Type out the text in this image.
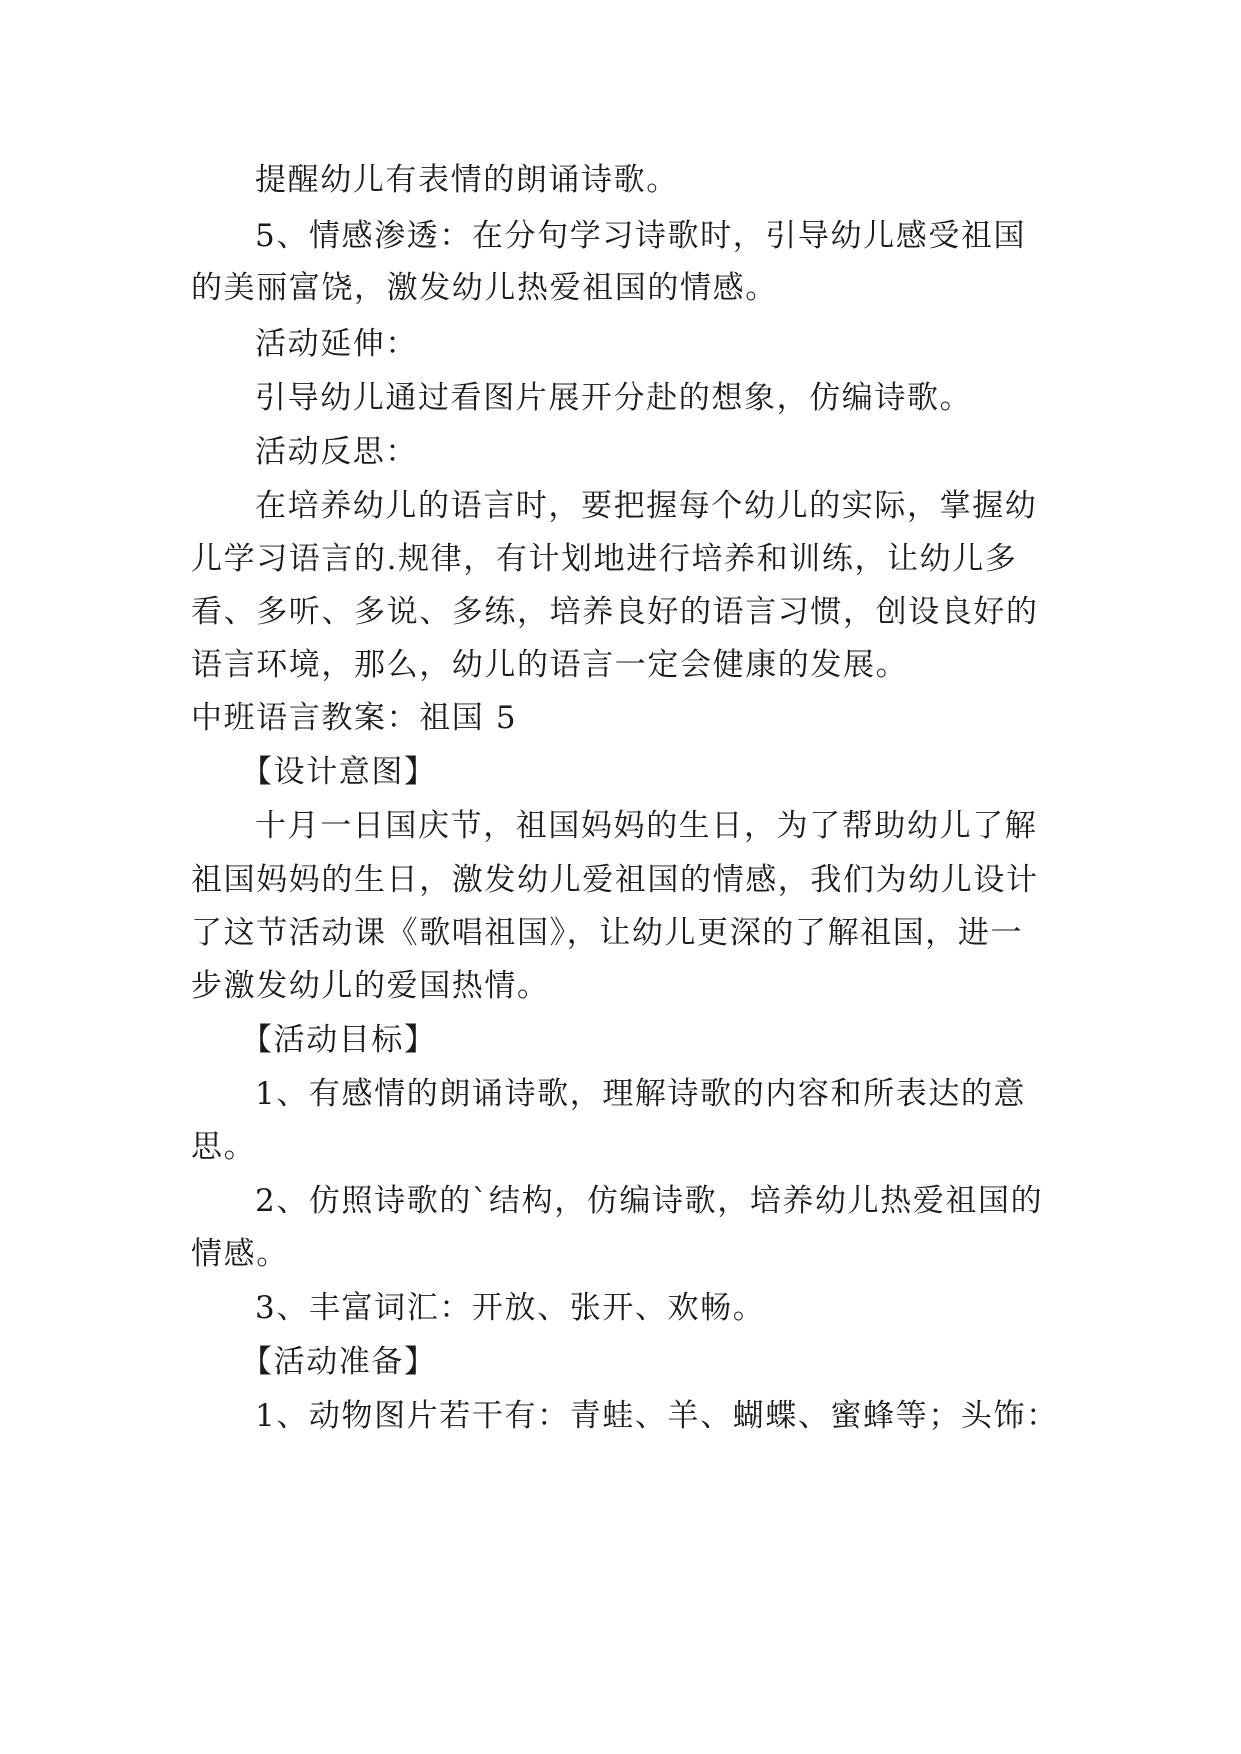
提醒幼儿有表情的朗诵诗歌。
5、情感渗透：在分句学习诗歌时，引导幼儿感受祖国
的美丽富饶，激发幼儿热爱祖国的情感。
活动延伸：
引导幼儿通过看图片展开分赴的想象，仿编诗歌。
活动反思：
在培养幼儿的语言时，要把握每个幼儿的实际，掌握幼
儿学习语言的.规律，有计划地进行培养和训练，让幼儿多
看、多听、多说、多练，培养良好的语言习惯，创设良好的
语言环境，那么，幼儿的语言一定会健康的发展。
中班语言教案：祖国 5
【设计意图】
十月一日国庆节，祖国妈妈的生日，为了帮助幼儿了解
祖国妈妈的生日，激发幼儿爱祖国的情感，我们为幼儿设计
了这节活动课《歌唱祖国》，让幼儿更深的了解祖国，进一
步激发幼儿的爱国热情。
【活动目标】
1、有感情的朗诵诗歌，理解诗歌的内容和所表达的意
思。
2、仿照诗歌的`结构，仿编诗歌，培养幼儿热爱祖国的
情感。
3、丰富词汇：开放、张开、欢畅。
【活动准备】
1、动物图片若干有：青蛙、羊、蝴蝶、蜜蜂等；头饰：
